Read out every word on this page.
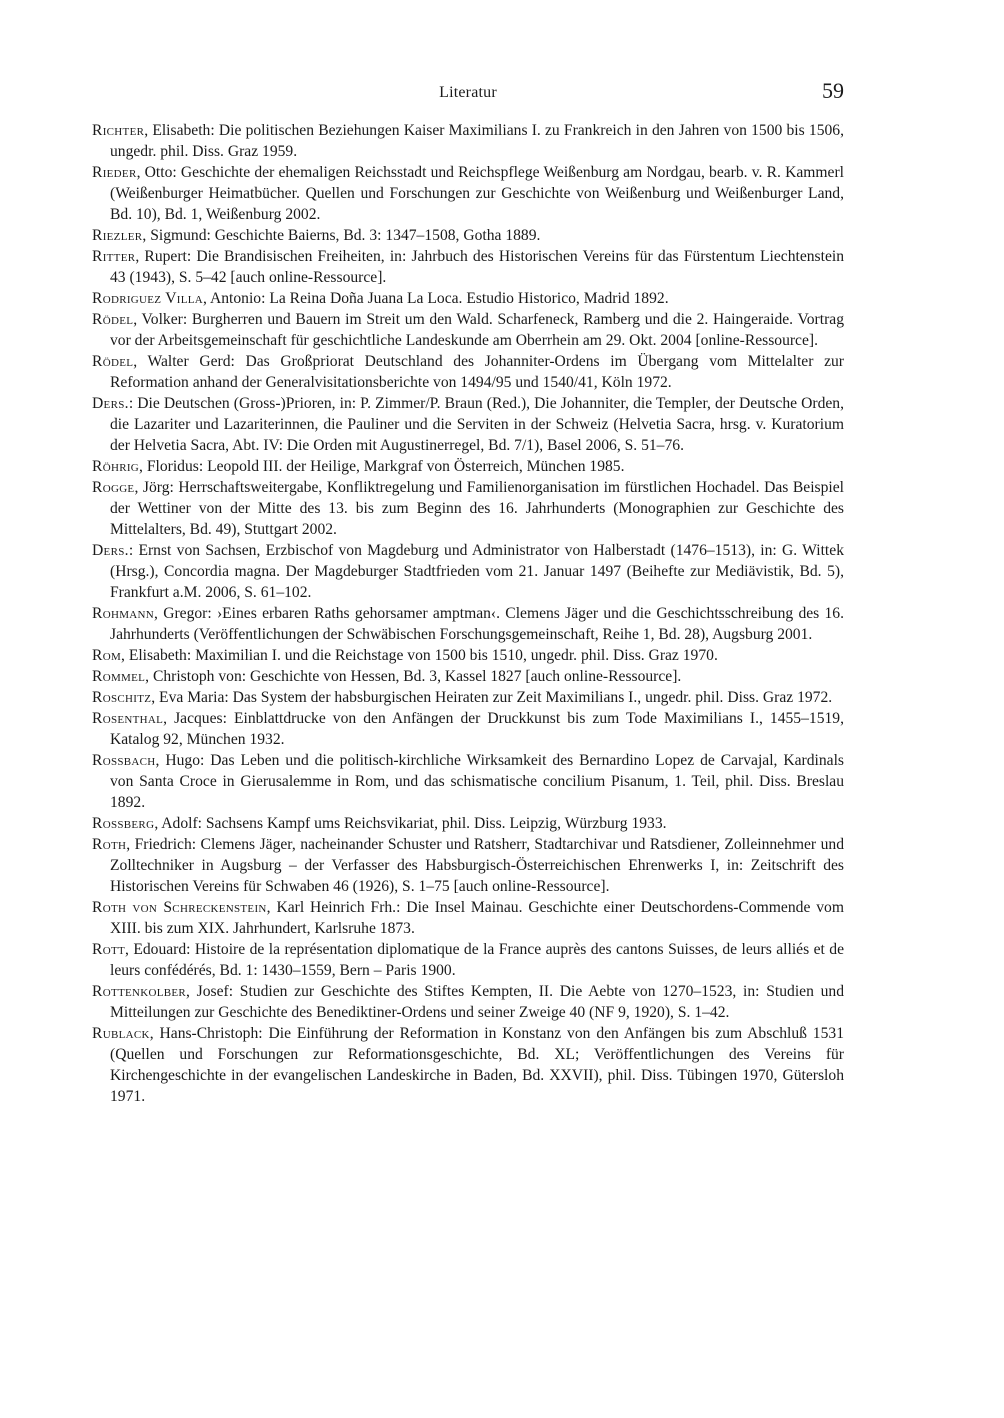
Literatur	59
Richter, Elisabeth: Die politischen Beziehungen Kaiser Maximilians I. zu Frankreich in den Jahren von 1500 bis 1506, ungedr. phil. Diss. Graz 1959.
Rieder, Otto: Geschichte der ehemaligen Reichsstadt und Reichspflege Weißenburg am Nordgau, bearb. v. R. Kammerl (Weißenburger Heimatbücher. Quellen und Forschungen zur Geschichte von Weißenburg und Weißenburger Land, Bd. 10), Bd. 1, Weißenburg 2002.
Riezler, Sigmund: Geschichte Baierns, Bd. 3: 1347–1508, Gotha 1889.
Ritter, Rupert: Die Brandisischen Freiheiten, in: Jahrbuch des Historischen Vereins für das Fürstentum Liechtenstein 43 (1943), S. 5–42 [auch online-Ressource].
Rodriguez Villa, Antonio: La Reina Doña Juana La Loca. Estudio Historico, Madrid 1892.
Rödel, Volker: Burgherren und Bauern im Streit um den Wald. Scharfeneck, Ramberg und die 2. Haingeraide. Vortrag vor der Arbeitsgemeinschaft für geschichtliche Landeskunde am Oberrhein am 29. Okt. 2004 [online-Ressource].
Rödel, Walter Gerd: Das Großpriorat Deutschland des Johanniter-Ordens im Übergang vom Mittelalter zur Reformation anhand der Generalvisitationsberichte von 1494/95 und 1540/41, Köln 1972.
Ders.: Die Deutschen (Gross-)Prioren, in: P. Zimmer/P. Braun (Red.), Die Johanniter, die Templer, der Deutsche Orden, die Lazariter und Lazariterinnen, die Pauliner und die Serviten in der Schweiz (Helvetia Sacra, hrsg. v. Kuratorium der Helvetia Sacra, Abt. IV: Die Orden mit Augustinerregel, Bd. 7/1), Basel 2006, S. 51–76.
Röhrig, Floridus: Leopold III. der Heilige, Markgraf von Österreich, München 1985.
Rogge, Jörg: Herrschaftsweitergabe, Konfliktregelung und Familienorganisation im fürstlichen Hochadel. Das Beispiel der Wettiner von der Mitte des 13. bis zum Beginn des 16. Jahrhunderts (Monographien zur Geschichte des Mittelalters, Bd. 49), Stuttgart 2002.
Ders.: Ernst von Sachsen, Erzbischof von Magdeburg und Administrator von Halberstadt (1476–1513), in: G. Wittek (Hrsg.), Concordia magna. Der Magdeburger Stadtfrieden vom 21. Januar 1497 (Beihefte zur Mediävistik, Bd. 5), Frankfurt a.M. 2006, S. 61–102.
Rohmann, Gregor: ›Eines erbaren Raths gehorsamer amptman‹. Clemens Jäger und die Geschichtsschreibung des 16. Jahrhunderts (Veröffentlichungen der Schwäbischen Forschungsgemeinschaft, Reihe 1, Bd. 28), Augsburg 2001.
Rom, Elisabeth: Maximilian I. und die Reichstage von 1500 bis 1510, ungedr. phil. Diss. Graz 1970.
Rommel, Christoph von: Geschichte von Hessen, Bd. 3, Kassel 1827 [auch online-Ressource].
Roschitz, Eva Maria: Das System der habsburgischen Heiraten zur Zeit Maximilians I., ungedr. phil. Diss. Graz 1972.
Rosenthal, Jacques: Einblattdrucke von den Anfängen der Druckkunst bis zum Tode Maximilians I., 1455–1519, Katalog 92, München 1932.
Rossbach, Hugo: Das Leben und die politisch-kirchliche Wirksamkeit des Bernardino Lopez de Carvajal, Kardinals von Santa Croce in Gierusalemme in Rom, und das schismatische concilium Pisanum, 1. Teil, phil. Diss. Breslau 1892.
Rossberg, Adolf: Sachsens Kampf ums Reichsvikariat, phil. Diss. Leipzig, Würzburg 1933.
Roth, Friedrich: Clemens Jäger, nacheinander Schuster und Ratsherr, Stadtarchivar und Ratsdiener, Zolleinnehmer und Zolltechniker in Augsburg – der Verfasser des Habsburgisch-Österreichischen Ehrenwerks I, in: Zeitschrift des Historischen Vereins für Schwaben 46 (1926), S. 1–75 [auch online-Ressource].
Roth von Schreckenstein, Karl Heinrich Frh.: Die Insel Mainau. Geschichte einer Deutschordens-Commende vom XIII. bis zum XIX. Jahrhundert, Karlsruhe 1873.
Rott, Edouard: Histoire de la représentation diplomatique de la France auprès des cantons Suisses, de leurs alliés et de leurs confédérés, Bd. 1: 1430–1559, Bern – Paris 1900.
Rottenkolber, Josef: Studien zur Geschichte des Stiftes Kempten, II. Die Aebte von 1270–1523, in: Studien und Mitteilungen zur Geschichte des Benediktiner-Ordens und seiner Zweige 40 (NF 9, 1920), S. 1–42.
Rublack, Hans-Christoph: Die Einführung der Reformation in Konstanz von den Anfängen bis zum Abschluß 1531 (Quellen und Forschungen zur Reformationsgeschichte, Bd. XL; Veröffentlichungen des Vereins für Kirchengeschichte in der evangelischen Landeskirche in Baden, Bd. XXVII), phil. Diss. Tübingen 1970, Gütersloh 1971.
